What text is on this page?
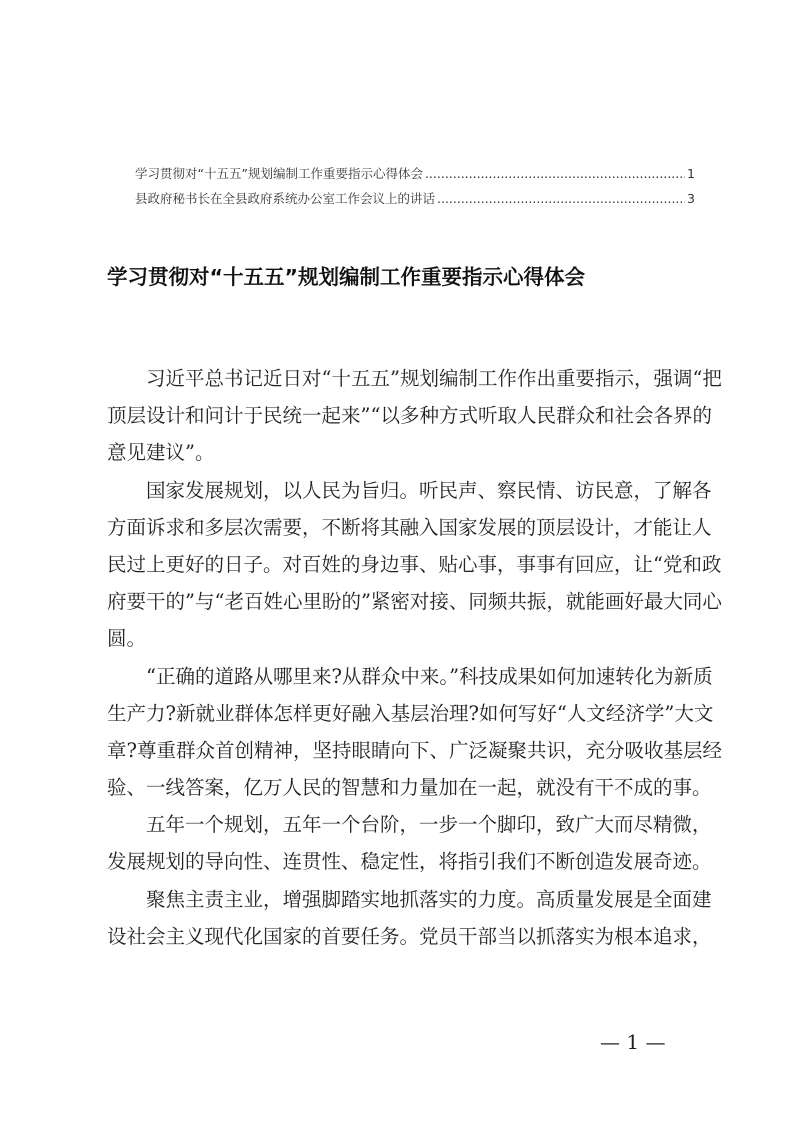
学习贯彻对“十五五”规划编制工作重要指示心得体会 .....	1
县政府秘书长在全县政府系统办公室工作会议上的讲话 .....	3
学习贯彻对“十五五”规划编制工作重要指示心得体会
习近平总书记近日对“十五五”规划编制工作作出重要指示，强调“把
顶层设计和问计于民统一起来”“以多种方式听取人民群众和社会各界的
意见建议”。
国家发展规划，以人民为旨归。听民声、察民情、访民意，了解各
方面诉求和多层次需要，不断将其融入国家发展的顶层设计，才能让人
民过上更好的日子。对百姓的身边事、贴心事，事事有回应，让“党和政
府要干的”与“老百姓心里盼的”紧密对接、同频共振，就能画好最大同心
圆。
“正确的道路从哪里来?从群众中来。”科技成果如何加速转化为新质
生产力?新就业群体怎样更好融入基层治理?如何写好“人文经济学”大文
章?尊重群众首创精神，坚持眼睛向下、广泛凝聚共识，充分吸收基层经
验、一线答案，亿万人民的智慧和力量加在一起，就没有干不成的事。
五年一个规划，五年一个台阶，一步一个脚印，致广大而尽精微，
发展规划的导向性、连贯性、稳定性，将指引我们不断创造发展奇迹。
聚焦主责主业，增强脚踏实地抓落实的力度。高质量发展是全面建
设社会主义现代化国家的首要任务。党员干部当以抓落实为根本追求，
— 1 —
